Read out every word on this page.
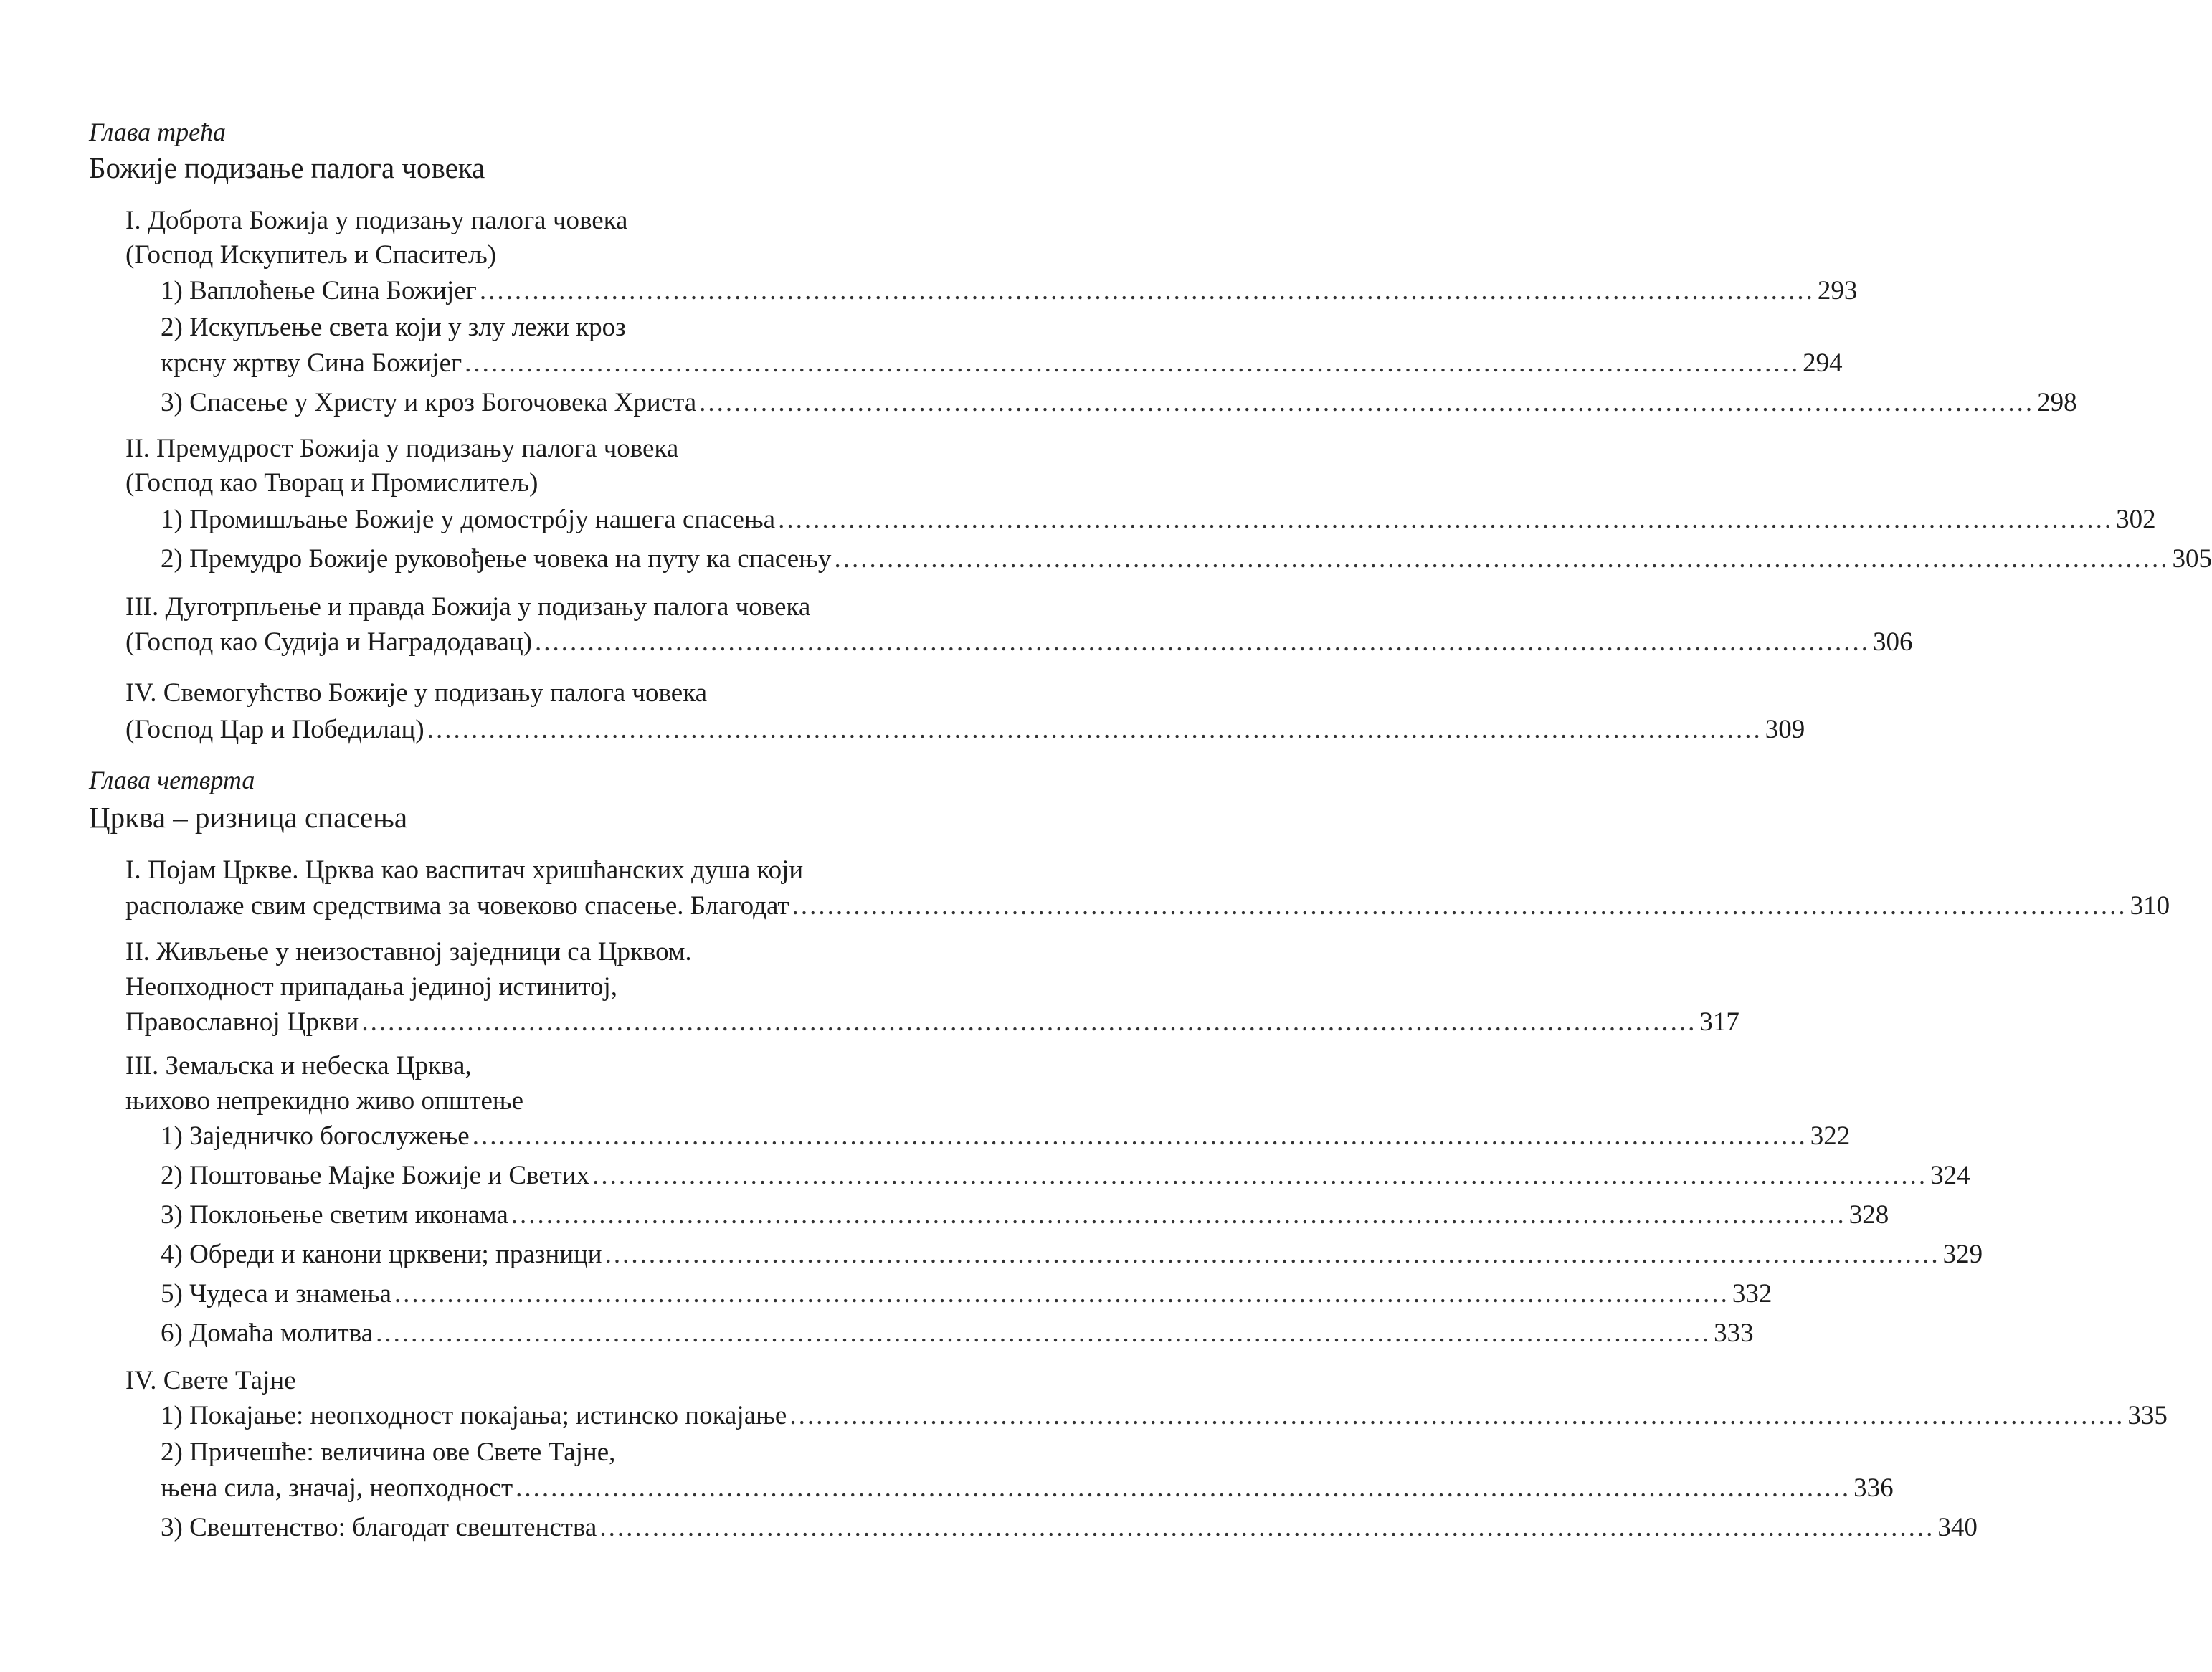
Глава трећа
Божије подизање палога човека
I. Доброта Божија у подизању палога човека
(Господ Искупитељ и Спаситељ)
1) Ваплоћење Сина Божијег ........................................................................................................................................................ 293
2) Искупљење света који у злу лежи кроз
крсну жртву Сина Божијег ........................................................................................................................................................ 294
3) Спасење у Христу и кроз Богочовека Христа ........................................................................................................................................................ 298
II. Премудрост Божија у подизању палога човека
(Господ као Творац и Промислитељ)
1) Промишљање Божије у домострóју нашега спасења ........................................................................................................................................................ 302
2) Премудро Божије руковођење човека на путу ка спасењу ........................................................................................................................................................ 305
III. Дуготрпљење и правда Божија у подизању палога човека
(Господ као Судија и Наградодавац) ........................................................................................................................................................ 306
IV. Свемогућство Божије у подизању палога човека
(Господ Цар и Победилац) ........................................................................................................................................................ 309
Глава четврта
Црква – ризница спасења
I. Појам Цркве. Црква као васпитач хришћанских душа који
располаже свим средствима за човеково спасење. Благодат ........................................................................................................................................................ 310
II. Живљење у неизоставној заједници са Црквом.
Неопходност припадања јединој истинитој,
Православној Цркви ........................................................................................................................................................ 317
III. Земаљска и небеска Црква,
њихово непрекидно живо општење
1) Заједничко богослужење ........................................................................................................................................................ 322
2) Поштовање Мајке Божије и Светих ........................................................................................................................................................ 324
3) Поклоњење светим иконама ........................................................................................................................................................ 328
4) Обреди и канони црквени; празници ........................................................................................................................................................ 329
5) Чудеса и знамења ........................................................................................................................................................ 332
6) Домаћа молитва ........................................................................................................................................................ 333
IV. Свете Тајне
1) Покајање: неопходност покајања; истинско покајање ........................................................................................................................................................ 335
2) Причешће: величина ове Свете Тајне,
њена сила, значај, неопходност ........................................................................................................................................................ 336
3) Свештенство: благодат свештенства ........................................................................................................................................................ 340
